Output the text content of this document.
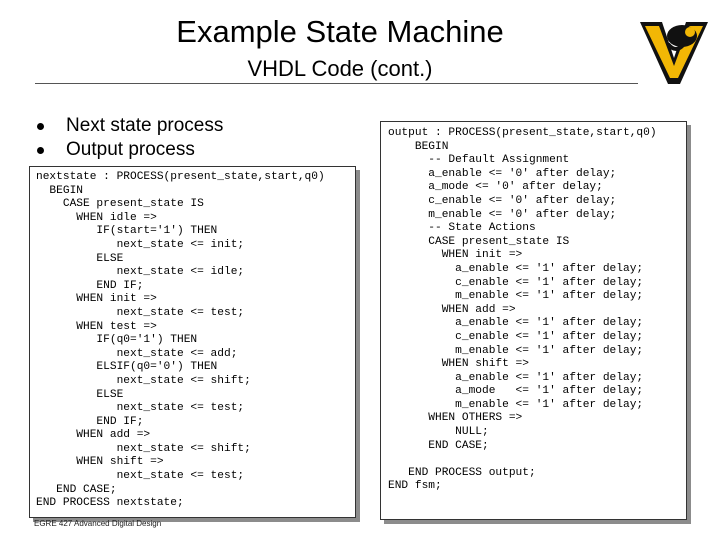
Example State Machine
VHDL Code (cont.)
Next state process
Output process
nextstate : PROCESS(present_state,start,q0)
BEGIN
CASE present_state IS
WHEN idle =>
IF(start='1') THEN
next_state <= init;
ELSE
next_state <= idle;
END IF;
WHEN init =>
next_state <= test;
WHEN test =>
IF(q0='1') THEN
next_state <= add;
ELSIF(q0='0') THEN
next_state <= shift;
ELSE
next_state <= test;
END IF;
WHEN add =>
next_state <= shift;
WHEN shift =>
next_state <= test;
END CASE;
END PROCESS nextstate;
output : PROCESS(present_state,start,q0)
BEGIN
-- Default Assignment
a_enable <= '0' after delay;
a_mode <= '0' after delay;
c_enable <= '0' after delay;
m_enable <= '0' after delay;
-- State Actions
CASE present_state IS
WHEN init =>
a_enable <= '1' after delay;
c_enable <= '1' after delay;
m_enable <= '1' after delay;
WHEN add =>
a_enable <= '1' after delay;
c_enable <= '1' after delay;
m_enable <= '1' after delay;
WHEN shift =>
a_enable <= '1' after delay;
a_mode   <= '1' after delay;
m_enable <= '1' after delay;
WHEN OTHERS =>
NULL;
END CASE;

END PROCESS output;
END fsm;
EGRE 427 Advanced Digital Design
